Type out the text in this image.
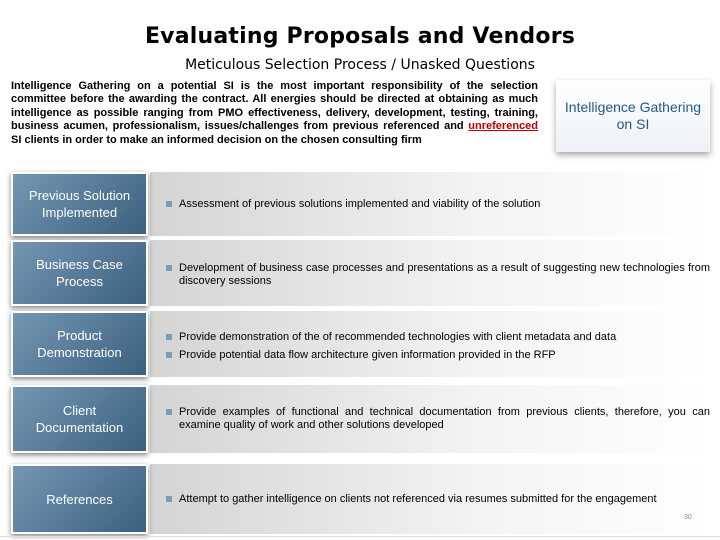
Evaluating Proposals and Vendors
Meticulous Selection Process / Unasked Questions
Intelligence Gathering on a potential SI is the most important responsibility of the selection committee before the awarding the contract. All energies should be directed at obtaining as much intelligence as possible ranging from PMO effectiveness, delivery, development, testing, training, business acumen, professionalism, issues/challenges from previous referenced and unreferenced SI clients in order to make an informed decision on the chosen consulting firm
Intelligence Gathering on SI
Previous Solution Implemented
Assessment of previous solutions implemented and viability of the solution
Business Case Process
Development of business case processes and presentations as a result of suggesting new technologies from discovery sessions
Product Demonstration
Provide demonstration of the of recommended technologies with client metadata and data
Provide potential data flow architecture given information provided in the RFP
Client Documentation
Provide examples of functional and technical documentation from previous clients, therefore, you can examine quality of work and other solutions developed
References	Attempt to gather intelligence on clients not referenced via resumes submitted for the engagement
30
